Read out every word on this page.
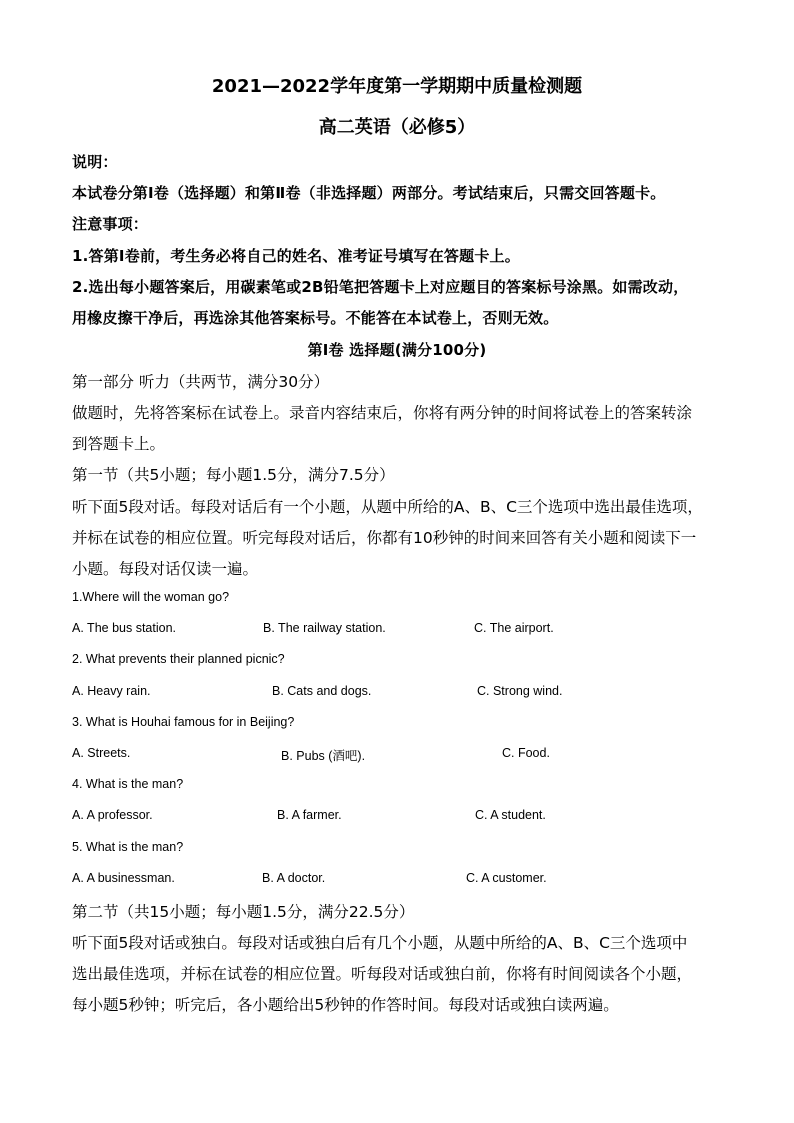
2021—2022学年度第一学期期中质量检测题
高二英语（必修5）
说明：
本试卷分第Ⅰ卷（选择题）和第Ⅱ卷（非选择题）两部分。考试结束后，只需交回答题卡。
注意事项：
1.答第Ⅰ卷前，考生务必将自己的姓名、准考证号填写在答题卡上。
2.选出每小题答案后，用碳素笔或2B铅笔把答题卡上对应题目的答案标号涂黑。如需改动，
用橡皮擦干净后，再选涂其他答案标号。不能答在本试卷上，否则无效。
第Ⅰ卷 选择题(满分100分)
第一部分 听力（共两节，满分30分）
做题时，先将答案标在试卷上。录音内容结束后，你将有两分钟的时间将试卷上的答案转涂
到答题卡上。
第一节（共5小题；每小题1.5分，满分7.5分）
听下面5段对话。每段对话后有一个小题，从题中所给的A、B、C三个选项中选出最佳选项，
并标在试卷的相应位置。听完每段对话后，你都有10秒钟的时间来回答有关小题和阅读下一
小题。每段对话仅读一遍。
1.Where will the woman go?
A. The bus station.	B. The railway station.	C. The airport.
2. What prevents their planned picnic?
A. Heavy rain.	B. Cats and dogs.	C. Strong wind.
3. What is Houhai famous for in Beijing?
A. Streets.	B. Pubs (酒吧).	C. Food.
4. What is the man?
A. A professor.	B. A farmer.	C. A student.
5. What is the man?
A. A businessman.	B. A doctor.	C. A customer.
第二节（共15小题；每小题1.5分，满分22.5分）
听下面5段对话或独白。每段对话或独白后有几个小题，从题中所给的A、B、C三个选项中
选出最佳选项，并标在试卷的相应位置。听每段对话或独白前，你将有时间阅读各个小题，
每小题5秒钟；听完后，各小题给出5秒钟的作答时间。每段对话或独白读两遍。
